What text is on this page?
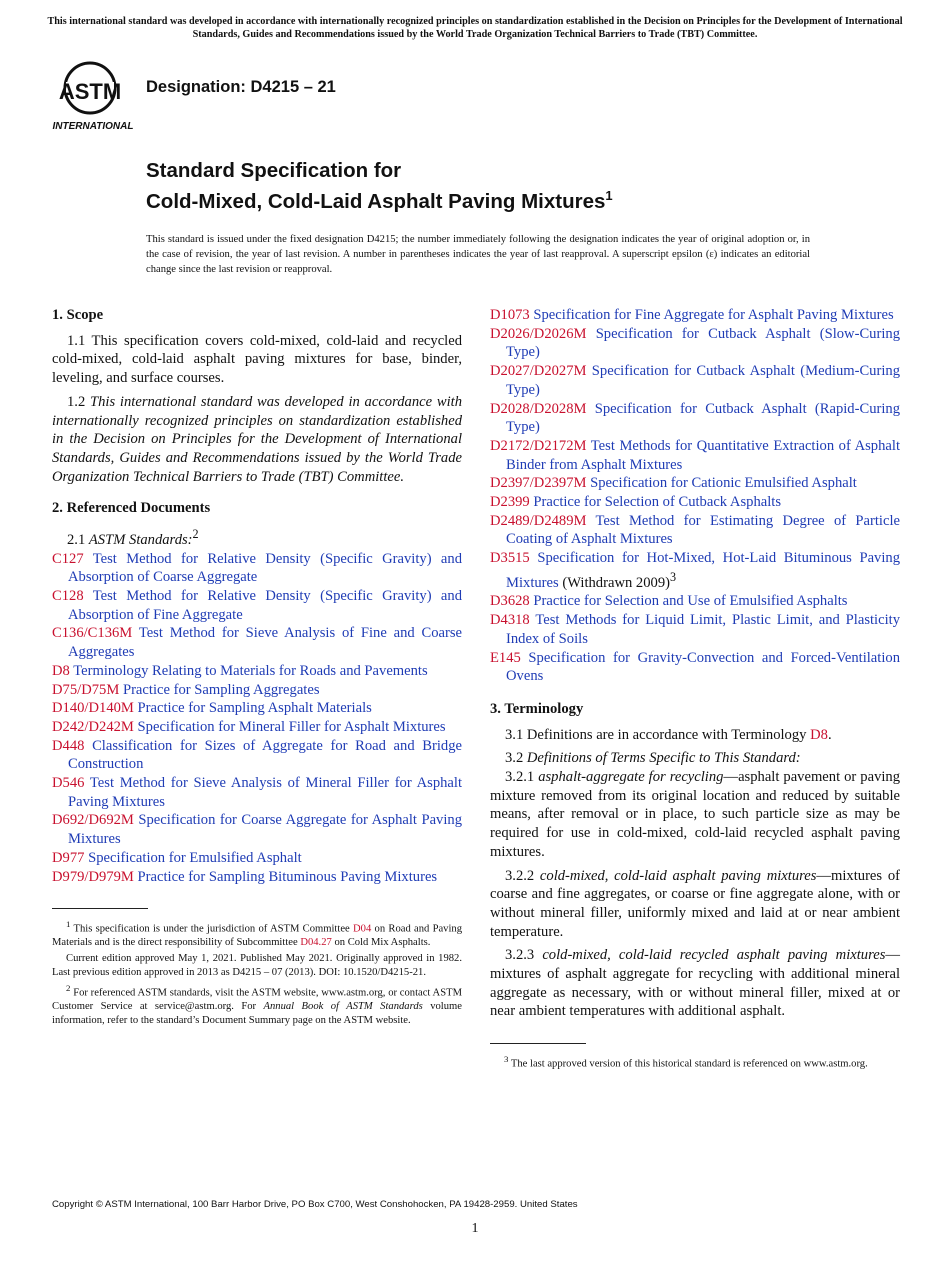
This international standard was developed in accordance with internationally recognized principles on standardization established in the Decision on Principles for the Development of International Standards, Guides and Recommendations issued by the World Trade Organization Technical Barriers to Trade (TBT) Committee.
ASTM
INTERNATIONAL
Designation: D4215 – 21
Standard Specification for
Cold-Mixed, Cold-Laid Asphalt Paving Mixtures$^1$
This standard is issued under the fixed designation D4215; the number immediately following the designation indicates the year of original adoption or, in the case of revision, the year of last revision. A number in parentheses indicates the year of last reapproval. A superscript epsilon (ε) indicates an editorial change since the last revision or reapproval.
1. Scope

1.1 This specification covers cold-mixed, cold-laid and recycled cold-mixed, cold-laid asphalt paving mixtures for base, binder, leveling, and surface courses.

1.2 This international standard was developed in accordance with internationally recognized principles on standardization established in the Decision on Principles for the Development of International Standards, Guides and Recommendations issued by the World Trade Organization Technical Barriers to Trade (TBT) Committee.

2. Referenced Documents

2.1 ASTM Standards:$^2$

C127 Test Method for Relative Density (Specific Gravity) and Absorption of Coarse Aggregate

C128 Test Method for Relative Density (Specific Gravity) and Absorption of Fine Aggregate

C136/C136M Test Method for Sieve Analysis of Fine and Coarse Aggregates

D8 Terminology Relating to Materials for Roads and Pavements

D75/D75M Practice for Sampling Aggregates

D140/D140M Practice for Sampling Asphalt Materials

D242/D242M Specification for Mineral Filler for Asphalt Mixtures

D448 Classification for Sizes of Aggregate for Road and Bridge Construction

D546 Test Method for Sieve Analysis of Mineral Filler for Asphalt Paving Mixtures

D692/D692M Specification for Coarse Aggregate for Asphalt Paving Mixtures

D977 Specification for Emulsified Asphalt

D979/D979M Practice for Sampling Bituminous Paving Mixtures

$^1$ This specification is under the jurisdiction of ASTM Committee D04 on Road and Paving Materials and is the direct responsibility of Subcommittee D04.27 on Cold Mix Asphalts.

Current edition approved May 1, 2021. Published May 2021. Originally approved in 1982. Last previous edition approved in 2013 as D4215 – 07 (2013). DOI: 10.1520/D4215-21.

$^2$ For referenced ASTM standards, visit the ASTM website, www.astm.org, or contact ASTM Customer Service at service@astm.org. For Annual Book of ASTM Standards volume information, refer to the standard’s Document Summary page on the ASTM website.

D1073 Specification for Fine Aggregate for Asphalt Paving Mixtures

D2026/D2026M Specification for Cutback Asphalt (Slow-Curing Type)

D2027/D2027M Specification for Cutback Asphalt (Medium-Curing Type)

D2028/D2028M Specification for Cutback Asphalt (Rapid-Curing Type)

D2172/D2172M Test Methods for Quantitative Extraction of Asphalt Binder from Asphalt Mixtures

D2397/D2397M Specification for Cationic Emulsified Asphalt

D2399 Practice for Selection of Cutback Asphalts

D2489/D2489M Test Method for Estimating Degree of Particle Coating of Asphalt Mixtures

D3515 Specification for Hot-Mixed, Hot-Laid Bituminous Paving Mixtures (Withdrawn 2009)$^3$

D3628 Practice for Selection and Use of Emulsified Asphalts

D4318 Test Methods for Liquid Limit, Plastic Limit, and Plasticity Index of Soils

E145 Specification for Gravity-Convection and Forced-Ventilation Ovens

3. Terminology

3.1 Definitions are in accordance with Terminology D8.

3.2 Definitions of Terms Specific to This Standard:

3.2.1 asphalt-aggregate for recycling—asphalt pavement or paving mixture removed from its original location and reduced by suitable means, after removal or in place, to such particle size as may be required for use in cold-mixed, cold-laid recycled asphalt paving mixtures.

3.2.2 cold-mixed, cold-laid asphalt paving mixtures—mixtures of coarse and fine aggregates, or coarse or fine aggregate alone, with or without mineral filler, uniformly mixed and laid at or near ambient temperature.

3.2.3 cold-mixed, cold-laid recycled asphalt paving mixtures—mixtures of asphalt aggregate for recycling with additional mineral aggregate as necessary, with or without mineral filler, mixed at or near ambient temperatures with additional asphalt.

$^3$ The last approved version of this historical standard is referenced on www.astm.org.

Copyright © ASTM International, 100 Barr Harbor Drive, PO Box C700, West Conshohocken, PA 19428-2959. United States
1
